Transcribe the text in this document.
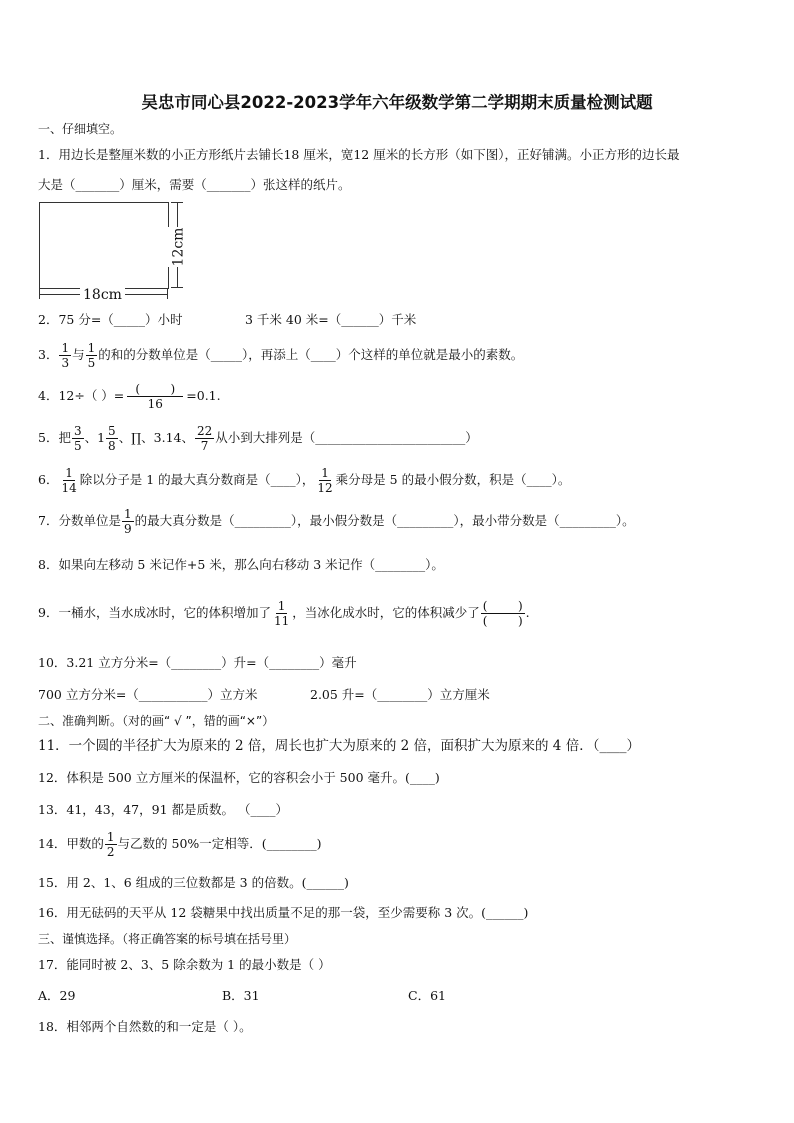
吴忠市同心县2022-2023学年六年级数学第二学期期末质量检测试题
一、仔细填空。
1．用边长是整厘米数的小正方形纸片去铺长18 厘米，宽12 厘米的长方形（如下图），正好铺满。小正方形的边长最
大是（_______）厘米，需要（_______）张这样的纸片。
12cm
18cm
2．75 分=（_____）小时	3 千米 40 米=（______）千米
3． $\frac{1}{3}$ 与 $\frac{1}{5}$ 的和的分数单位是（_____），再添上（____）个这样的单位就是最小的素数。
4．12÷（ ）= $\frac{( )}{16} =0.1$.
5．把 $\frac{3}{5}$ 、$1 \frac{5}{8}$ 、∏、3.14、 $\frac{22}{7}$ 从小到大排列是（________________________）
6． $\frac{1}{14}$ 除以分子是 1 的最大真分数商是（____）， $\frac{1}{12}$ 乘分母是 5 的最小假分数，积是（____）。
7．分数单位是 $\frac{1}{9}$ 的最大真分数是（_________），最小假分数是（_________），最小带分数是（_________）。
8．如果向左移动 5 米记作+5 米，那么向右移动 3 米记作（________）。
9．一桶水，当水成冰时，它的体积增加了 $\frac{1}{11}$ ，当冰化成水时，它的体积减少了 $\frac{( )}{( )}$ .
10．3.21 立方分米=（________）升=（________）毫升
700 立方分米=（___________）立方米	2.05 升=（________）立方厘米
二、准确判断。（对的画“ √ ”，错的画“×”）
11．一个圆的半径扩大为原来的 2 倍，周长也扩大为原来的 2 倍，面积扩大为原来的 4 倍．（____）
12．体积是 500 立方厘米的保温杯，它的容积会小于 500 毫升。(____)
13．41，43，47，91 都是质数。 （____）
14．甲数的 $\frac{1}{2}$ 与乙数的 50%一定相等．(________)
15．用 2、1、6 组成的三位数都是 3 的倍数。(______)
16．用无砝码的天平从 12 袋糖果中找出质量不足的那一袋，至少需要称 3 次。(______)
三、谨慎选择。（将正确答案的标号填在括号里）
17．能同时被 2、3、5 除余数为 1 的最小数是（ ）
A．29	B．31	C．61
18．相邻两个自然数的和一定是（ ）。
